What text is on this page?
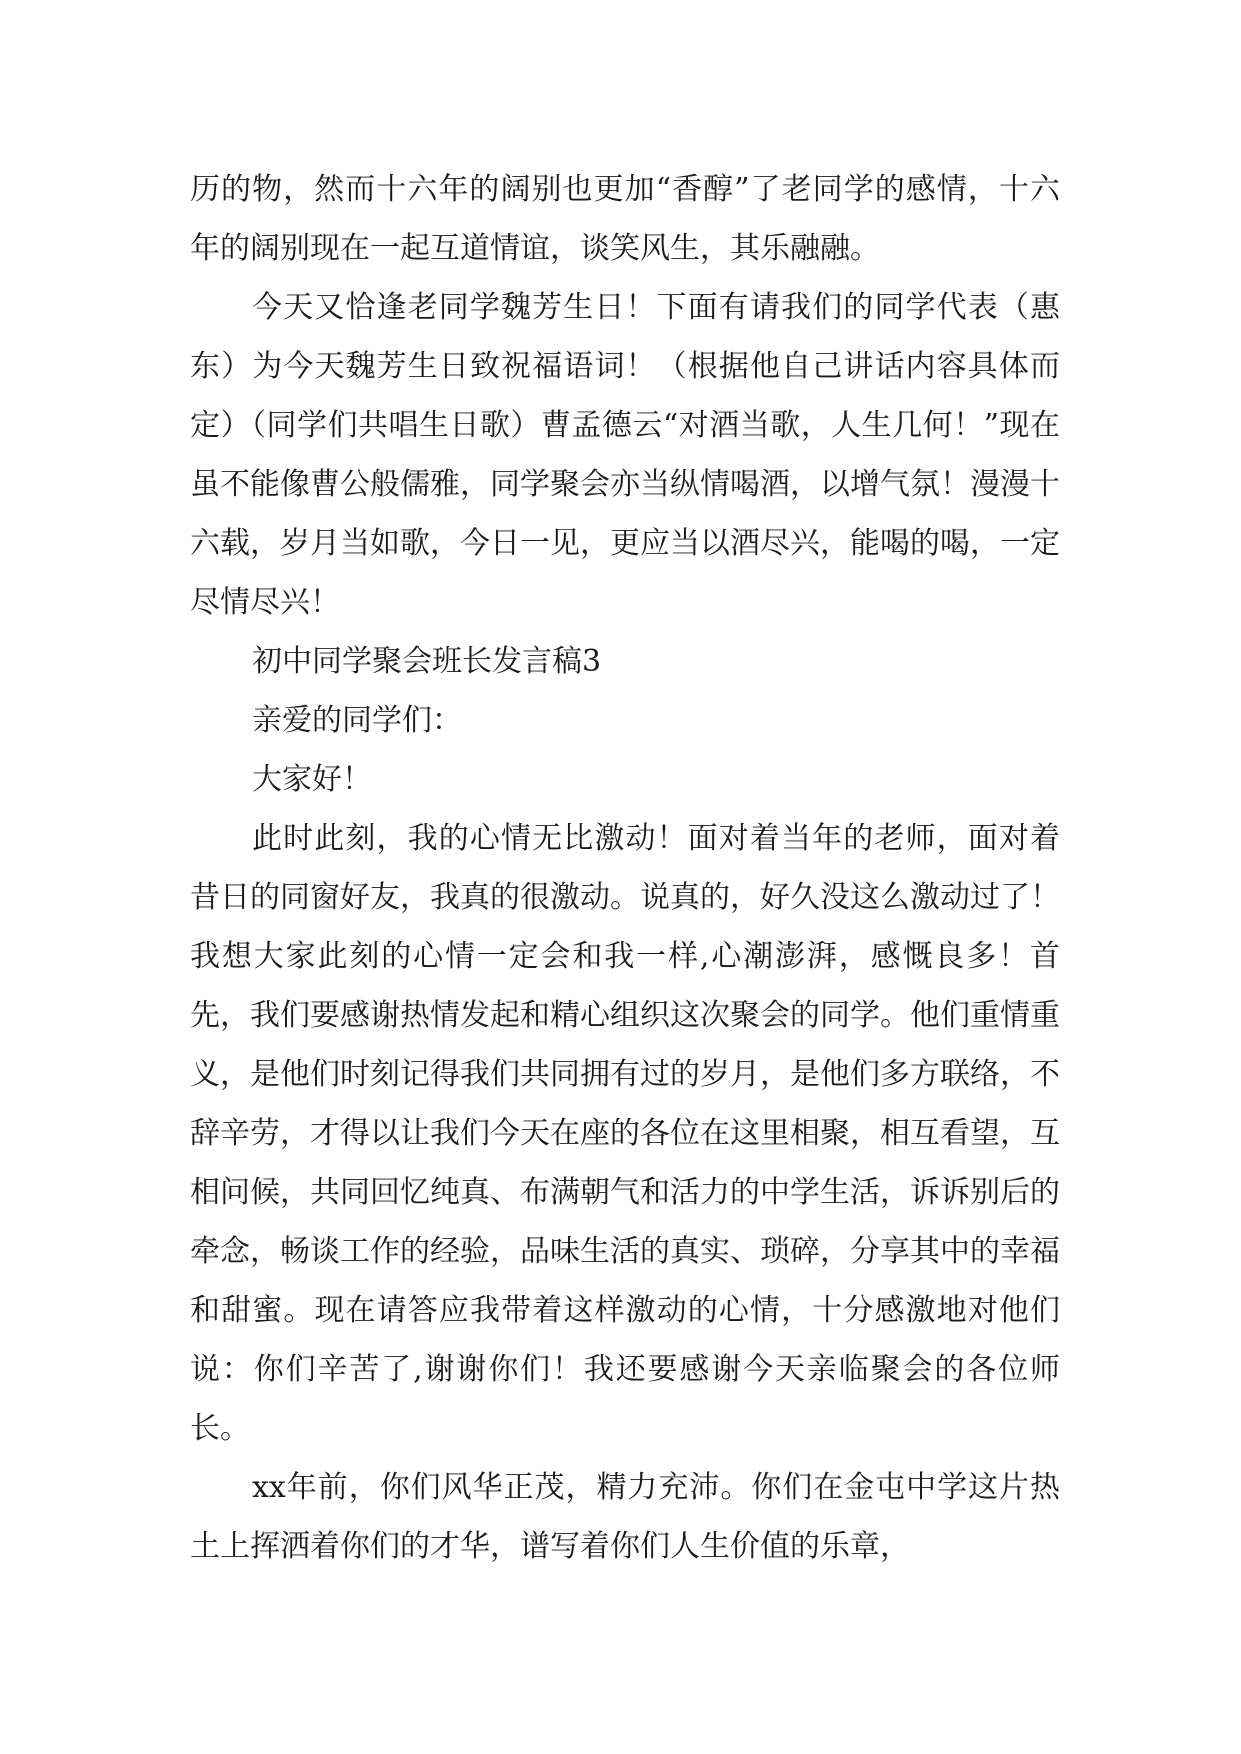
历的物，然而十六年的阔别也更加“香醇”了老同学的感情，十六年的阔别现在一起互道情谊，谈笑风生，其乐融融。

今天又恰逢老同学魏芳生日！下面有请我们的同学代表（惠东）为今天魏芳生日致祝福语词！（根据他自己讲话内容具体而定）（同学们共唱生日歌）曹孟德云“对酒当歌，人生几何！”现在虽不能像曹公般儒雅，同学聚会亦当纵情喝酒，以增气氛！漫漫十六载，岁月当如歌，今日一见，更应当以酒尽兴，能喝的喝，一定尽情尽兴！

初中同学聚会班长发言稿3

亲爱的同学们：

大家好！

此时此刻，我的心情无比激动！面对着当年的老师，面对着昔日的同窗好友，我真的很激动。说真的，好久没这么激动过了！我想大家此刻的心情一定会和我一样,心潮澎湃，感慨良多！首先，我们要感谢热情发起和精心组织这次聚会的同学。他们重情重义，是他们时刻记得我们共同拥有过的岁月，是他们多方联络，不辞辛劳，才得以让我们今天在座的各位在这里相聚，相互看望，互相问候，共同回忆纯真、布满朝气和活力的中学生活，诉诉别后的牵念，畅谈工作的经验，品味生活的真实、琐碎，分享其中的幸福和甜蜜。现在请答应我带着这样激动的心情，十分感激地对他们说：你们辛苦了,谢谢你们！我还要感谢今天亲临聚会的各位师长。

xx年前，你们风华正茂，精力充沛。你们在金屯中学这片热土上挥洒着你们的才华，谱写着你们人生价值的乐章，
